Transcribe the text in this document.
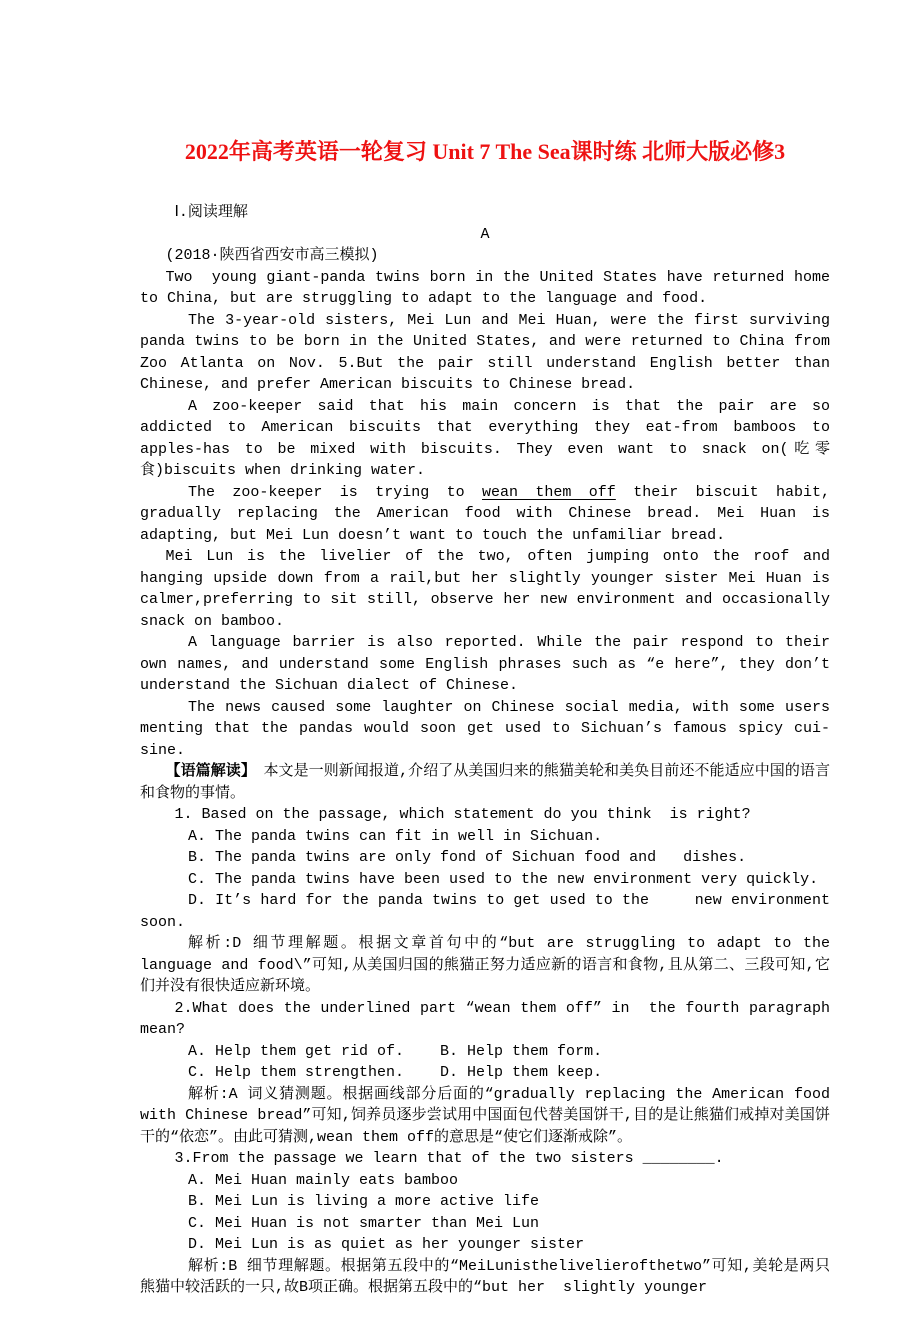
2022年高考英语一轮复习 Unit 7 The Sea课时练 北师大版必修3

Ⅰ.阅读理解

A

(2018·陕西省西安市高三模拟)

Two  young giant-panda twins born in the United States have returned home to China, but are struggling to adapt to the language and food.

The 3-year-old sisters, Mei Lun and Mei Huan, were the first surviving panda twins to be born in the United States, and were returned to China from Zoo Atlanta on Nov. 5.But the pair still understand English better than Chinese, and prefer American biscuits to Chinese bread.

A zoo-keeper said that his main concern is that the pair are so addicted to American biscuits that everything they eat-from bamboos to apples-has to be mixed with biscuits. They even want to snack on(吃零食)biscuits when drinking water.

The zoo-keeper is trying to wean them off their biscuit habit, gradually replacing the American food with Chinese bread. Mei Huan is adapting, but Mei Lun doesn’t want to touch the unfamiliar bread.

Mei Lun is the livelier of the two, often jumping onto the roof and hanging upside down from a rail,but her slightly younger sister Mei Huan is calmer,preferring to sit still, observe her new environment and occasionally snack on bamboo.

A language barrier is also reported. While the pair respond to their own names, and understand some English phrases such as “e here”, they don’t understand the Sichuan dialect of Chinese.

The news caused some laughter on Chinese social media, with some users menting that the pandas would soon get used to Sichuan’s famous spicy cui-sine.

【语篇解读】　本文是一则新闻报道,介绍了从美国归来的熊猫美轮和美奂目前还不能适应中国的语言和食物的事情。

1. Based on the passage, which statement do you think  is right?

A. The panda twins can fit in well in Sichuan.

B. The panda twins are only fond of Sichuan food and   dishes.

C. The panda twins have been used to the new environment very quickly.

D. It’s hard for the panda twins to get used to the     new environment soon.

解析:D 细节理解题。根据文章首句中的“but are struggling to adapt to the language and food\”可知,从美国归国的熊猫正努力适应新的语言和食物,且从第二、三段可知,它们并没有很快适应新环境。

2.What does the underlined part “wean them off” in  the fourth paragraph mean?

A. Help them get rid of.    B. Help them form.

C. Help them strengthen.    D. Help them keep.

解析:A 词义猜测题。根据画线部分后面的“gradually replacing the American food with Chinese bread”可知,饲养员逐步尝试用中国面包代替美国饼干,目的是让熊猫们戒掉对美国饼干的“依恋”。由此可猜测,wean them off的意思是“使它们逐渐戒除”。

3.From the passage we learn that of the two sisters ________.

A. Mei Huan mainly eats bamboo

B. Mei Lun is living a more active life

C. Mei Huan is not smarter than Mei Lun

D. Mei Lun is as quiet as her younger sister

解析:B 细节理解题。根据第五段中的“MeiLunisthelivelierofthetwo”可知,美轮是两只熊猫中较活跃的一只,故B项正确。根据第五段中的“but her  slightly younger
